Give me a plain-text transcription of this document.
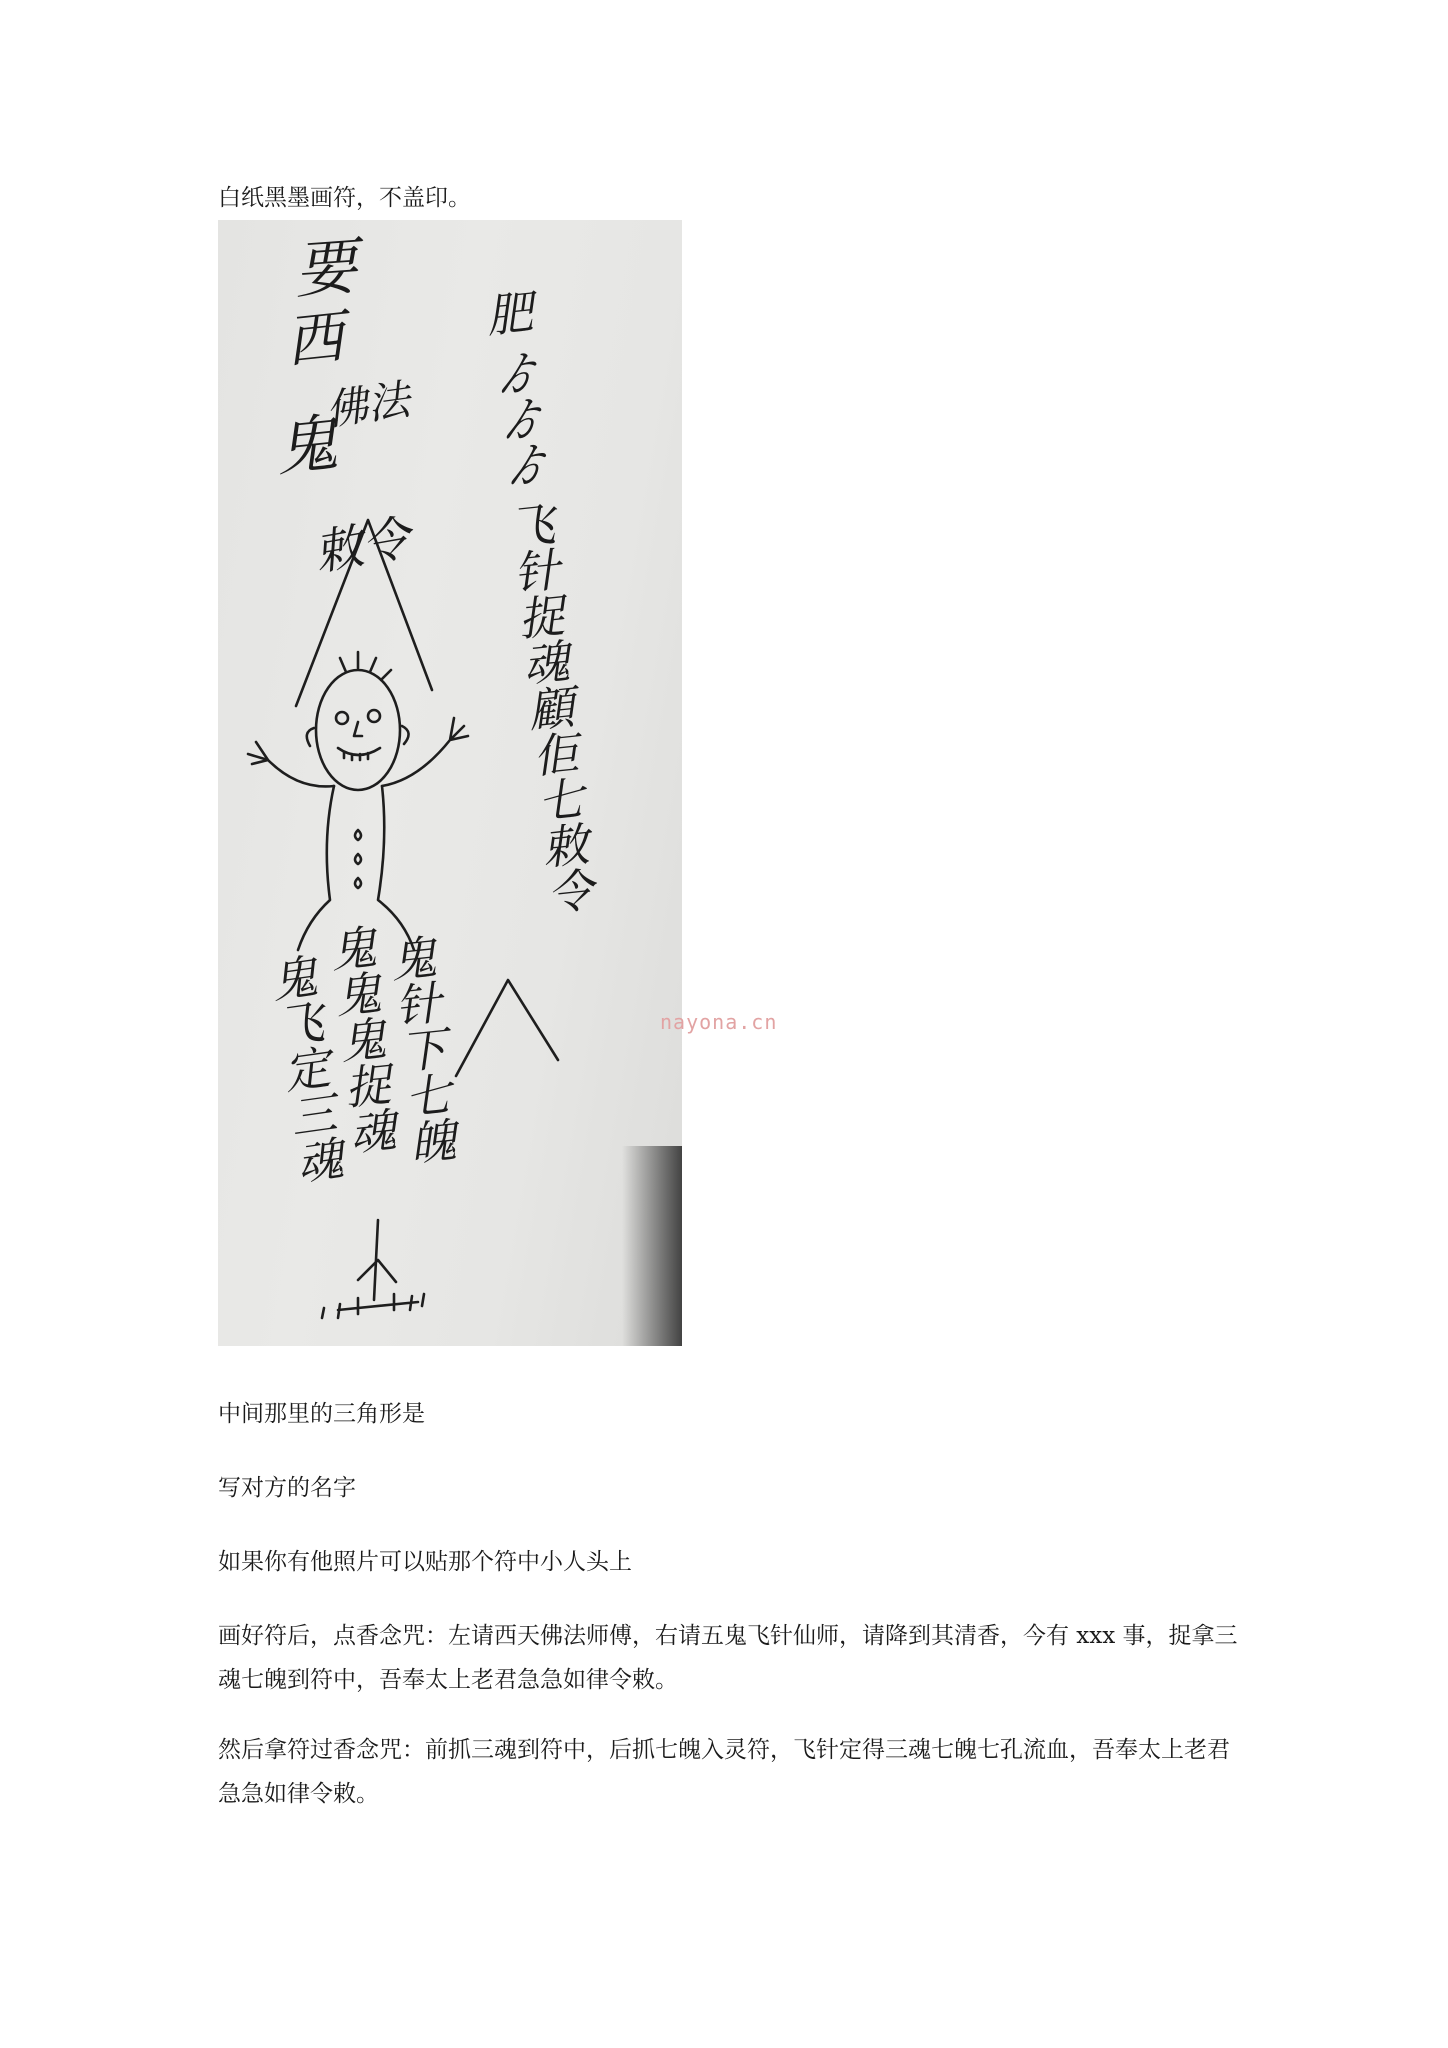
白纸黑墨画符，不盖印。

要
西
佛法
鬼
敕令 肥 ゟゟゟ 飞针捉魂顧佢七敕令
鬼飞定三魂
鬼鬼鬼捉魂
鬼针下七魄	nayona.cn

中间那里的三角形是

写对方的名字

如果你有他照片可以贴那个符中小人头上

画好符后，点香念咒：左请西天佛法师傅，右请五鬼飞针仙师，请降到其清香，今有 xxx 事，捉拿三魂七魄到符中，吾奉太上老君急急如律令敕。

然后拿符过香念咒：前抓三魂到符中，后抓七魄入灵符，飞针定得三魂七魄七孔流血，吾奉太上老君急急如律令敕。
